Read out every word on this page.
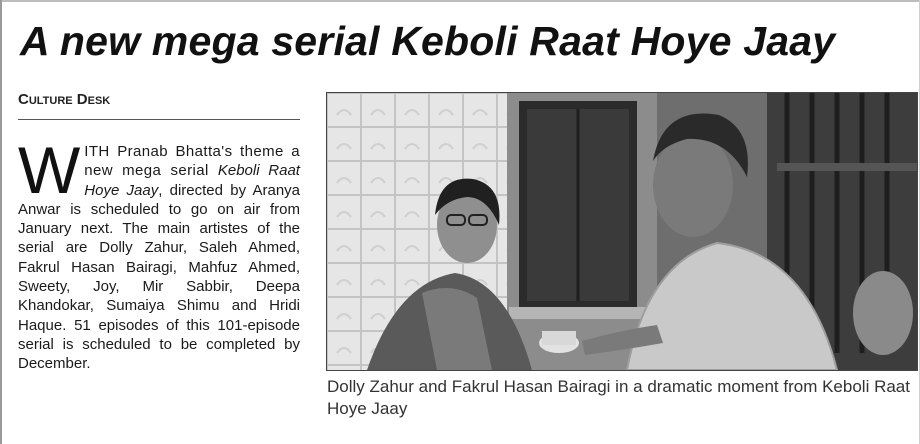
A new mega serial Keboli Raat Hoye Jaay
Culture Desk
WITH Pranab Bhatta's theme a new mega serial Keboli Raat Hoye Jaay, directed by Aranya Anwar is scheduled to go on air from January next. The main artistes of the serial are Dolly Zahur, Saleh Ahmed, Fakrul Hasan Bairagi, Mahfuz Ahmed, Sweety, Joy, Mir Sabbir, Deepa Khandokar, Sumaiya Shimu and Hridi Haque. 51 episodes of this 101-episode serial is scheduled to be completed by December.
Dolly Zahur and Fakrul Hasan Bairagi in a dramatic moment from Keboli Raat Hoye Jaay
